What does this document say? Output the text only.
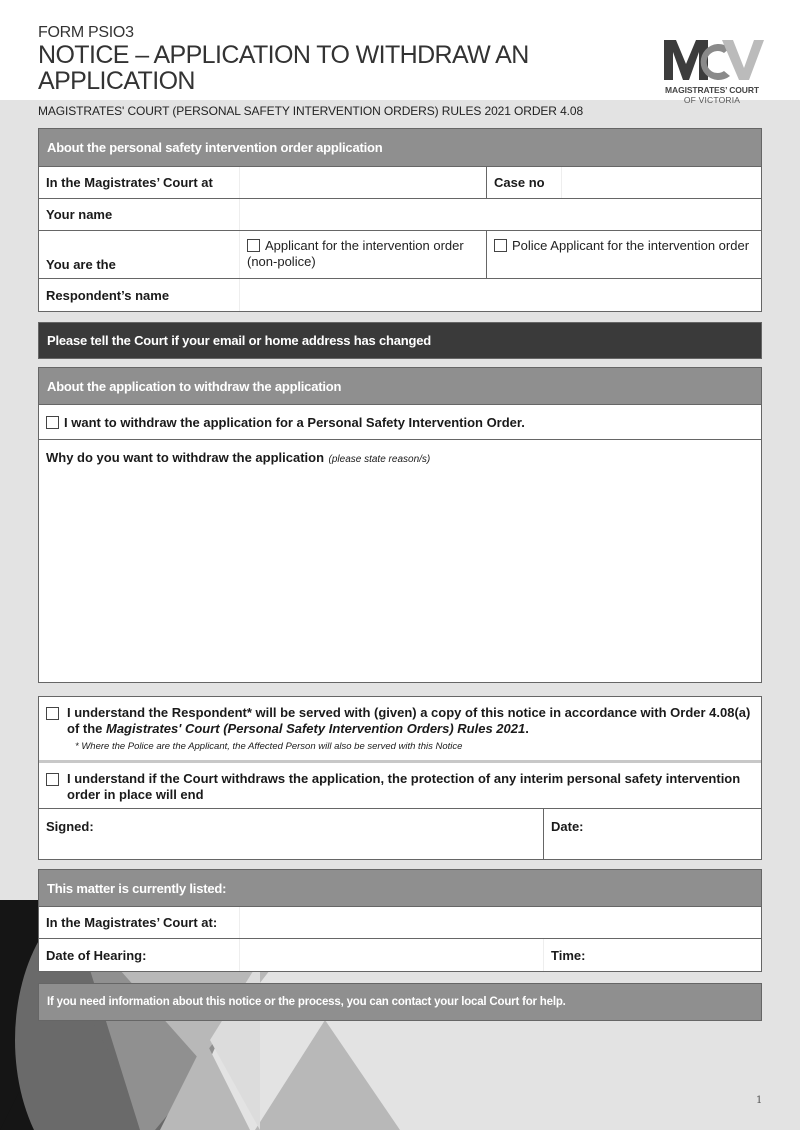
FORM PSIO3
NOTICE – APPLICATION TO WITHDRAW AN APPLICATION	MAGISTRATES’ COURT
OF VICTORIA
MAGISTRATES' COURT (PERSONAL SAFETY INTERVENTION ORDERS) RULES 2021 ORDER 4.08
About the personal safety intervention order application
In the Magistrates’ Court at	Case no
Your name
You are the
Applicant for the intervention order (non-police)
Police Applicant for the intervention order
Respondent’s name
Please tell the Court if your email or home address has changed
About the application to withdraw the application
I want to withdraw the application for a Personal Safety Intervention Order.
Why do you want to withdraw the application (please state reason/s)
I understand the Respondent* will be served with (given) a copy of this notice in accordance with Order 4.08(a) of the Magistrates' Court (Personal Safety Intervention Orders) Rules 2021.
* Where the Police are the Applicant, the Affected Person will also be served with this Notice
I understand if the Court withdraws the application, the protection of any interim personal safety intervention order in place will end
Signed:	Date:
This matter is currently listed:
In the Magistrates’ Court at:
Date of Hearing:	Time:
If you need information about this notice or the process, you can contact your local Court for help.
1
